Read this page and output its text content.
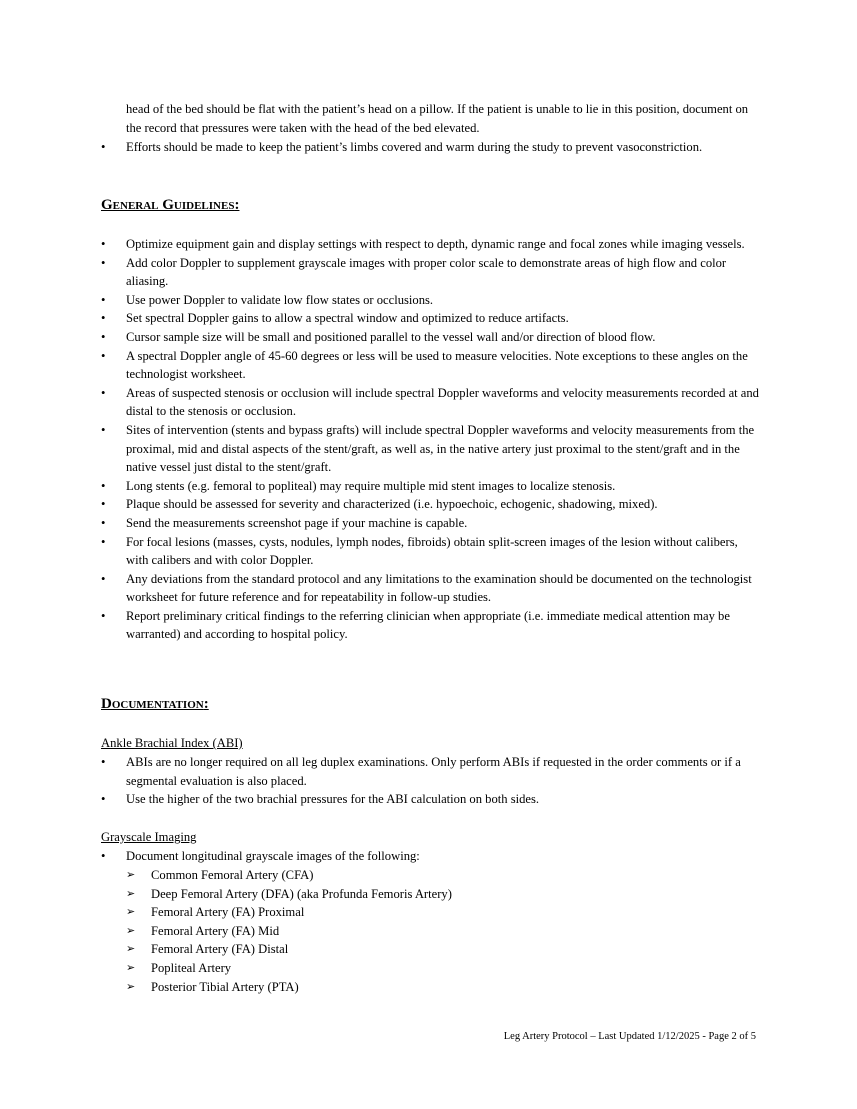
head of the bed should be flat with the patient’s head on a pillow. If the patient is unable to lie in this position, document on the record that pressures were taken with the head of the bed elevated.
• Efforts should be made to keep the patient’s limbs covered and warm during the study to prevent vasoconstriction.
General Guidelines:
• Optimize equipment gain and display settings with respect to depth, dynamic range and focal zones while imaging vessels.
• Add color Doppler to supplement grayscale images with proper color scale to demonstrate areas of high flow and color aliasing.
• Use power Doppler to validate low flow states or occlusions.
• Set spectral Doppler gains to allow a spectral window and optimized to reduce artifacts.
• Cursor sample size will be small and positioned parallel to the vessel wall and/or direction of blood flow.
• A spectral Doppler angle of 45-60 degrees or less will be used to measure velocities. Note exceptions to these angles on the technologist worksheet.
• Areas of suspected stenosis or occlusion will include spectral Doppler waveforms and velocity measurements recorded at and distal to the stenosis or occlusion.
• Sites of intervention (stents and bypass grafts) will include spectral Doppler waveforms and velocity measurements from the proximal, mid and distal aspects of the stent/graft, as well as, in the native artery just proximal to the stent/graft and in the native vessel just distal to the stent/graft.
• Long stents (e.g. femoral to popliteal) may require multiple mid stent images to localize stenosis.
• Plaque should be assessed for severity and characterized (i.e. hypoechoic, echogenic, shadowing, mixed).
• Send the measurements screenshot page if your machine is capable.
• For focal lesions (masses, cysts, nodules, lymph nodes, fibroids) obtain split-screen images of the lesion without calibers, with calibers and with color Doppler.
• Any deviations from the standard protocol and any limitations to the examination should be documented on the technologist worksheet for future reference and for repeatability in follow-up studies.
• Report preliminary critical findings to the referring clinician when appropriate (i.e. immediate medical attention may be warranted) and according to hospital policy.
Documentation:
Ankle Brachial Index (ABI)
• ABIs are no longer required on all leg duplex examinations. Only perform ABIs if requested in the order comments or if a segmental evaluation is also placed.
• Use the higher of the two brachial pressures for the ABI calculation on both sides.
Grayscale Imaging
• Document longitudinal grayscale images of the following:
➢ Common Femoral Artery (CFA)
➢ Deep Femoral Artery (DFA) (aka Profunda Femoris Artery)
➢ Femoral Artery (FA) Proximal
➢ Femoral Artery (FA) Mid
➢ Femoral Artery (FA) Distal
➢ Popliteal Artery
➢ Posterior Tibial Artery (PTA)
Leg Artery Protocol – Last Updated 1/12/2025 - Page 2 of 5
